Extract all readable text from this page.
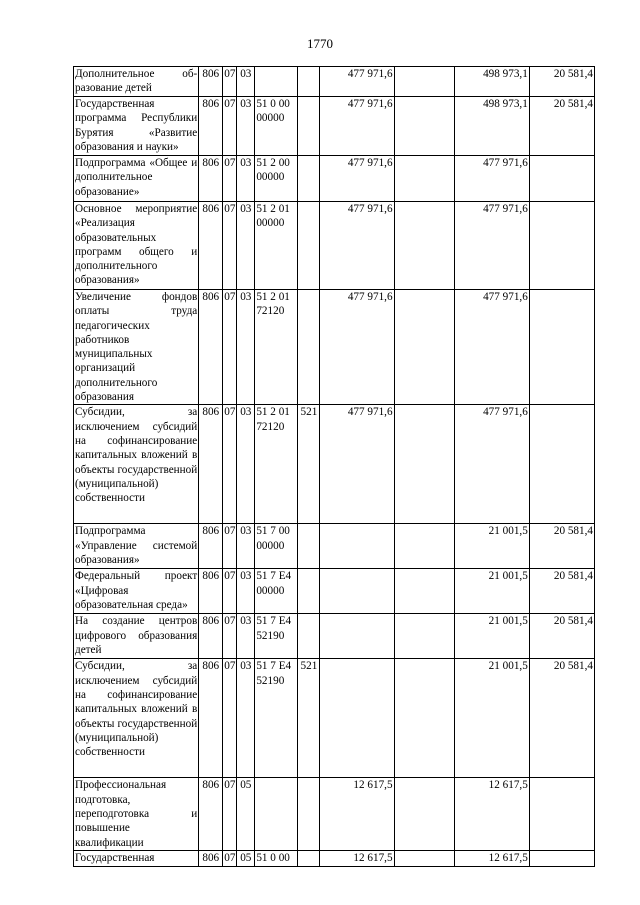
1770
Дополнительное об-разование детей	806	07	03			477 971,6		498 973,1	20 581,4
Государственная программа Республики Бурятия «Развитие образования и науки»	806	07	03	51 0 00 00000		477 971,6		498 973,1	20 581,4
Подпрограмма «Общее и дополнительное образование»	806	07	03	51 2 00 00000		477 971,6		477 971,6	
Основное мероприятие «Реализация образовательных программ общего и дополнительного образования»	806	07	03	51 2 01 00000		477 971,6		477 971,6	
Увеличение фондов оплаты труда педагогических работников муниципальных организаций дополнительного образования	806	07	03	51 2 01 72120		477 971,6		477 971,6	
Субсидии, за исключением субсидий на софинансирование капитальных вложений в объекты государственной (муниципальной) собственности	806	07	03	51 2 01 72120	521	477 971,6		477 971,6	
Подпрограмма «Управление системой образования»	806	07	03	51 7 00 00000				21 001,5	20 581,4
Федеральный проект «Цифровая образовательная среда»	806	07	03	51 7 E4 00000				21 001,5	20 581,4
На создание центров цифрового образования детей	806	07	03	51 7 E4 52190				21 001,5	20 581,4
Субсидии, за исключением субсидий на софинансирование капитальных вложений в объекты государственной (муниципальной) собственности	806	07	03	51 7 E4 52190	521			21 001,5	20 581,4
Профессиональная подготовка, переподготовка и повышение квалификации	806	07	05			12 617,5		12 617,5	
Государственная	806	07	05	51 0 00		12 617,5		12 617,5	
